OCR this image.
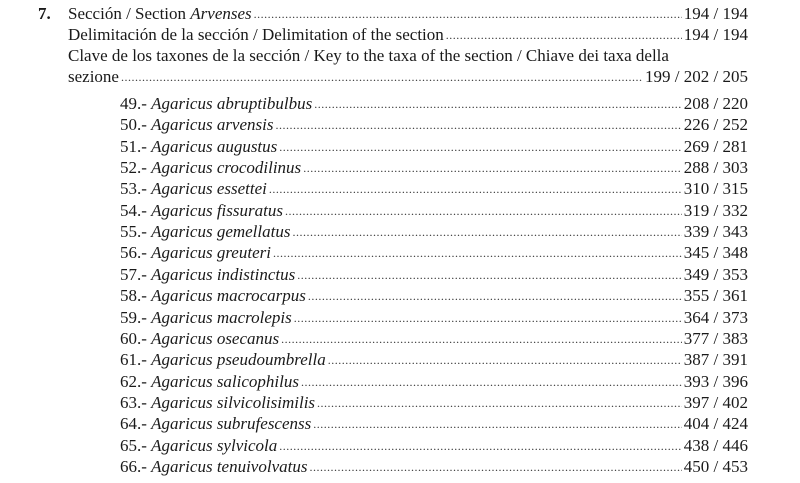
7. Sección / Section Arvenses .....	194 / 194
Delimitación de la sección / Delimitation of the section .....	194 / 194
Clave de los taxones de la sección / Key to the taxa of the section / Chiave dei taxa della
sezione .....	199 / 202 / 205
49.- Agaricus abruptibulbus .....	208 / 220
50.- Agaricus arvensis .....	226 / 252
51.- Agaricus augustus .....	269 / 281
52.- Agaricus crocodilinus .....	288 / 303
53.- Agaricus essettei .....	310 / 315
54.- Agaricus fissuratus .....	319 / 332
55.- Agaricus gemellatus .....	339 / 343
56.- Agaricus greuteri .....	345 / 348
57.- Agaricus indistinctus .....	349 / 353
58.- Agaricus macrocarpus .....	355 / 361
59.- Agaricus macrolepis .....	364 / 373
60.- Agaricus osecanus .....	377 / 383
61.- Agaricus pseudoumbrella .....	387 / 391
62.- Agaricus salicophilus .....	393 / 396
63.- Agaricus silvicolisimilis .....	397 / 402
64.- Agaricus subrufescenss .....	404 / 424
65.- Agaricus sylvicola .....	438 / 446
66.- Agaricus tenuivolvatus .....	450 / 453
